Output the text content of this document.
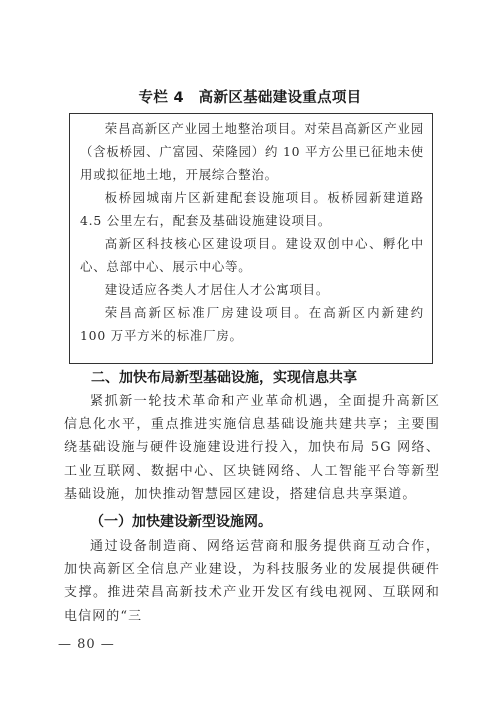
专栏 4　高新区基础建设重点项目

荣昌高新区产业园土地整治项目。对荣昌高新区产业园（含板桥园、广富园、荣隆园）约 10 平方公里已征地未使用或拟征地土地，开展综合整治。

板桥园城南片区新建配套设施项目。板桥园新建道路 4.5 公里左右，配套及基础设施建设项目。

高新区科技核心区建设项目。建设双创中心、孵化中心、总部中心、展示中心等。

建设适应各类人才居住人才公寓项目。

荣昌高新区标准厂房建设项目。在高新区内新建约 100 万平方米的标准厂房。

二、加快布局新型基础设施，实现信息共享

紧抓新一轮技术革命和产业革命机遇，全面提升高新区信息化水平，重点推进实施信息基础设施共建共享；主要围绕基础设施与硬件设施建设进行投入，加快布局 5G 网络、工业互联网、数据中心、区块链网络、人工智能平台等新型基础设施，加快推动智慧园区建设，搭建信息共享渠道。

（一）加快建设新型设施网。

通过设备制造商、网络运营商和服务提供商互动合作，加快高新区全信息产业建设，为科技服务业的发展提供硬件支撑。推进荣昌高新技术产业开发区有线电视网、互联网和电信网的“三

— 80 —
